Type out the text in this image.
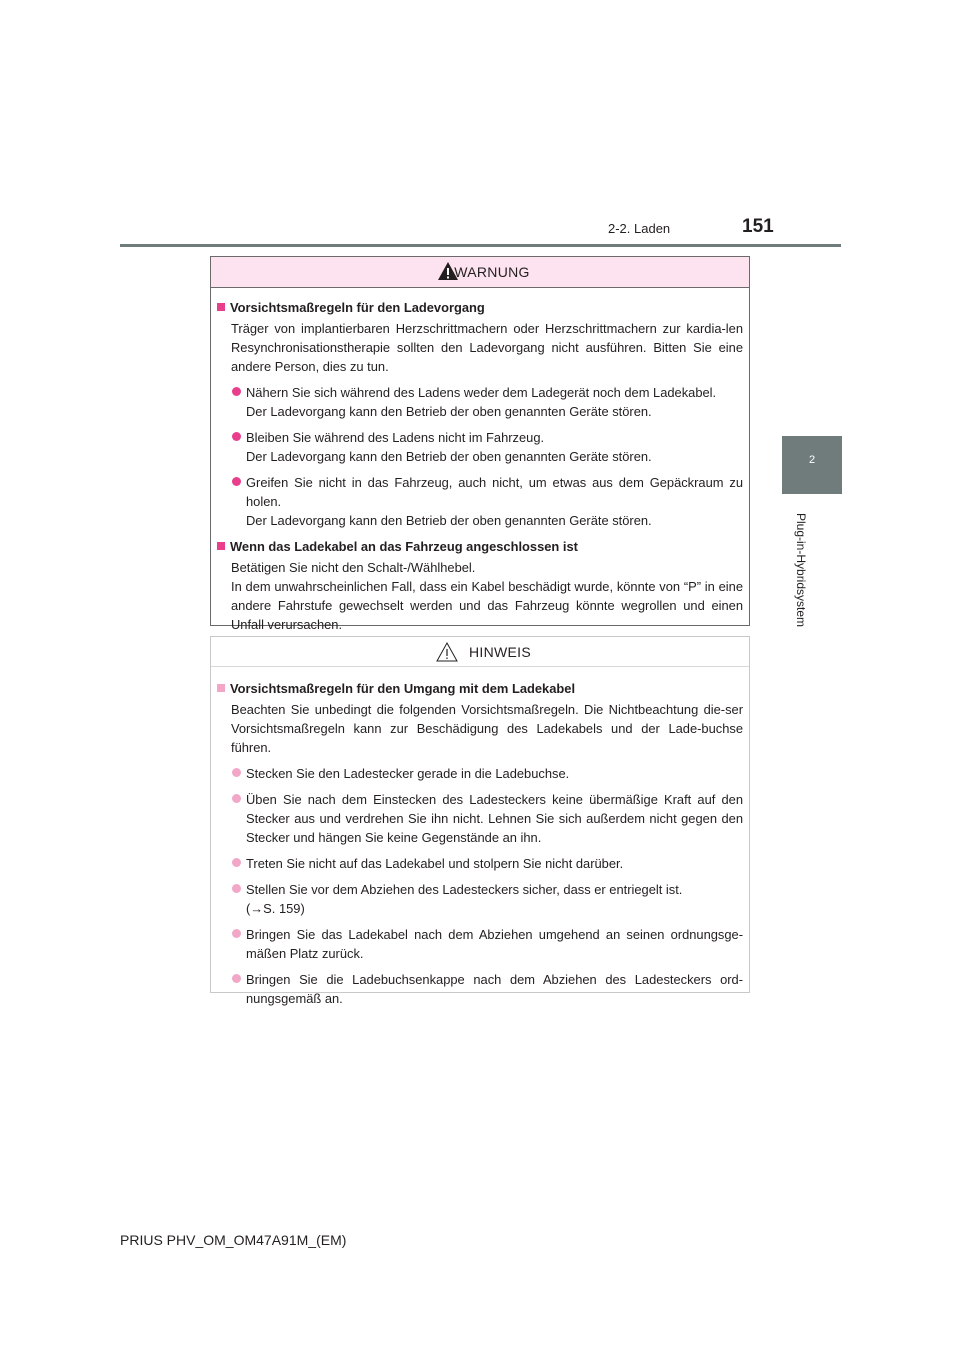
2-2. Laden	151
2
Plug-in-Hybridsystem
WARNUNG
Vorsichtsmaßregeln für den Ladevorgang
Träger von implantierbaren Herzschrittmachern oder Herzschrittmachern zur kardia-len Resynchronisationstherapie sollten den Ladevorgang nicht ausführen. Bitten Sie eine andere Person, dies zu tun.
Nähern Sie sich während des Ladens weder dem Ladegerät noch dem Ladekabel.
Der Ladevorgang kann den Betrieb der oben genannten Geräte stören.
Bleiben Sie während des Ladens nicht im Fahrzeug.
Der Ladevorgang kann den Betrieb der oben genannten Geräte stören.
Greifen Sie nicht in das Fahrzeug, auch nicht, um etwas aus dem Gepäckraum zu holen.
Der Ladevorgang kann den Betrieb der oben genannten Geräte stören.
Wenn das Ladekabel an das Fahrzeug angeschlossen ist
Betätigen Sie nicht den Schalt-/Wählhebel.
In dem unwahrscheinlichen Fall, dass ein Kabel beschädigt wurde, könnte von “P” in eine andere Fahrstufe gewechselt werden und das Fahrzeug könnte wegrollen und einen Unfall verursachen.
HINWEIS
Vorsichtsmaßregeln für den Umgang mit dem Ladekabel
Beachten Sie unbedingt die folgenden Vorsichtsmaßregeln. Die Nichtbeachtung die-ser Vorsichtsmaßregeln kann zur Beschädigung des Ladekabels und der Lade-buchse führen.
Stecken Sie den Ladestecker gerade in die Ladebuchse.
Üben Sie nach dem Einstecken des Ladesteckers keine übermäßige Kraft auf den Stecker aus und verdrehen Sie ihn nicht. Lehnen Sie sich außerdem nicht gegen den Stecker und hängen Sie keine Gegenstände an ihn.
Treten Sie nicht auf das Ladekabel und stolpern Sie nicht darüber.
Stellen Sie vor dem Abziehen des Ladesteckers sicher, dass er entriegelt ist.
(→S. 159)
Bringen Sie das Ladekabel nach dem Abziehen umgehend an seinen ordnungsge-mäßen Platz zurück.
Bringen Sie die Ladebuchsenkappe nach dem Abziehen des Ladesteckers ord-nungsgemäß an.
PRIUS PHV_OM_OM47A91M_(EM)
